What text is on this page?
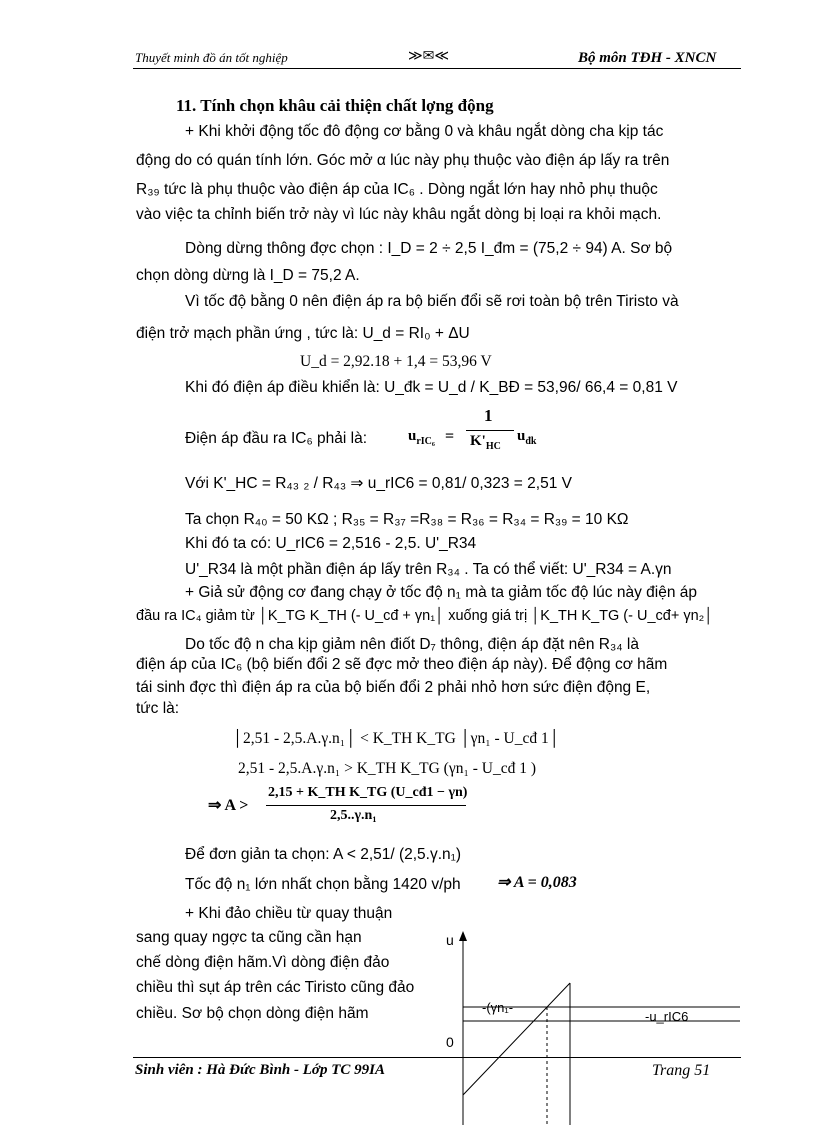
Thuyết minh đồ án tốt nghiệp	≫✉≪	Bộ môn TĐH - XNCN
11. Tính chọn khâu cải thiện chất lợng động
+ Khi khởi động tốc đô động cơ bằng 0 và khâu ngắt dòng cha kịp tác
động do có quán tính lớn. Góc mở α lúc này phụ thuộc vào điện áp lấy ra trên
R₃₉ tức là phụ thuộc vào điện áp của IC₆ . Dòng ngắt lớn hay nhỏ phụ thuộc
vào việc ta chỉnh biến trở này vì lúc này khâu ngắt dòng bị loại ra khỏi mạch.
Dòng dừng thông đợc chọn : I_D = 2 ÷ 2,5 I_đm = (75,2 ÷ 94) A. Sơ bộ
chọn dòng dừng là I_D = 75,2 A.
Vì tốc độ bằng 0 nên điện áp ra bộ biến đổi sẽ rơi toàn bộ trên Tiristo và
điện trở mạch phần ứng , tức là: U_d = RI₀ + ΔU
U_d = 2,92.18 + 1,4 = 53,96 V
Khi đó điện áp điều khiển là: U_đk = U_d / K_BĐ = 53,96/ 66,4 = 0,81 V
Điện áp đầu ra IC₆ phải là:	$u_{rIC_6}$ =
1
$K'_{HC}$
$u_{đk}$
Với K'_HC = R₄₃ ₂ / R₄₃ ⇒ u_rIC6 = 0,81/ 0,323 = 2,51 V
Ta chọn R₄₀ = 50 KΩ ; R₃₅ = R₃₇ =R₃₈ = R₃₆ = R₃₄ = R₃₉ = 10 KΩ
Khi đó ta có: U_rIC6 = 2,516 - 2,5. U'_R34
U'_R34 là một phần điện áp lấy trên R₃₄ . Ta có thể viết: U'_R34 = A.γn
+ Giả sử động cơ đang chạy ở tốc độ n₁ mà ta giảm tốc độ lúc này điện áp
đầu ra IC₄ giảm từ │K_TG K_TH (- U_cđ + γn₁│ xuống giá trị │K_TH K_TG (- U_cđ+ γn₂│
Do tốc độ n cha kịp giảm nên điốt D₇ thông, điện áp đặt nên R₃₄ là
điện áp của IC₆ (bộ biến đổi 2 sẽ đợc mở theo điện áp này). Để động cơ hãm
tái sinh đợc thì điện áp ra của bộ biến đổi 2 phải nhỏ hơn sức điện động E,
tức là:
│2,51 - 2,5.A.γ.n₁│ < K_TH K_TG │γn₁ - U_cđ 1│
2,51 - 2,5.A.γ.n₁ > K_TH K_TG (γn₁ - U_cđ 1 )
⇒ A >
2,15 + K_TH K_TG (U_cđ1 − γn)
2,5..γ.n₁
Để đơn giản ta chọn: A < 2,51/ (2,5.γ.n₁)
Tốc độ n₁ lớn nhất chọn bằng 1420 v/ph ⇒ A = 0,083
+ Khi đảo chiều từ quay thuận
sang quay ngợc ta cũng cần hạn
chế dòng điện hãm.Vì dòng điện đảo
chiều thì sụt áp trên các Tiristo cũng đảo
chiều. Sơ bộ chọn dòng điện hãm
u
0
-(γn₁-
-u_rIC6
Sinh viên : Hà Đức Bình - Lớp TC 99IA	Trang 51
